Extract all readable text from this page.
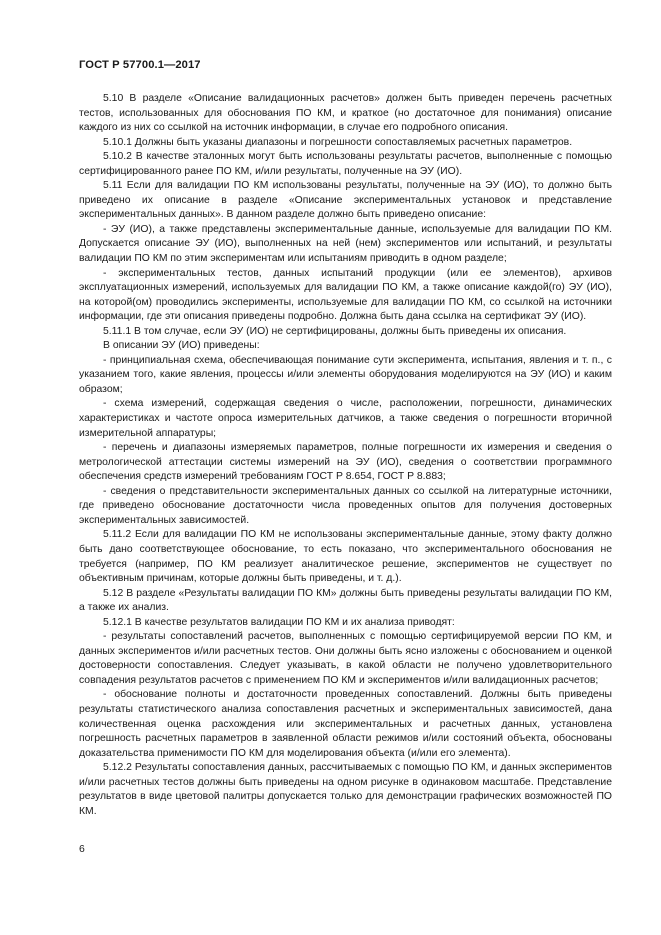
ГОСТ Р 57700.1—2017

5.10 В разделе «Описание валидационных расчетов» должен быть приведен перечень расчетных тестов, использованных для обоснования ПО КМ, и краткое (но достаточное для понимания) описание каждого из них со ссылкой на источник информации, в случае его подробного описания.

5.10.1 Должны быть указаны диапазоны и погрешности сопоставляемых расчетных параметров.

5.10.2 В качестве эталонных могут быть использованы результаты расчетов, выполненные с помощью сертифицированного ранее ПО КМ, и/или результаты, полученные на ЭУ (ИО).

5.11 Если для валидации ПО КМ использованы результаты, полученные на ЭУ (ИО), то должно быть приведено их описание в разделе «Описание экспериментальных установок и представление экспериментальных данных». В данном разделе должно быть приведено описание:

- ЭУ (ИО), а также представлены экспериментальные данные, используемые для валидации ПО КМ. Допускается описание ЭУ (ИО), выполненных на ней (нем) экспериментов или испытаний, и результаты валидации ПО КМ по этим экспериментам или испытаниям приводить в одном разделе;

- экспериментальных тестов, данных испытаний продукции (или ее элементов), архивов эксплуатационных измерений, используемых для валидации ПО КМ, а также описание каждой(го) ЭУ (ИО), на которой(ом) проводились эксперименты, используемые для валидации ПО КМ, со ссылкой на источники информации, где эти описания приведены подробно. Должна быть дана ссылка на сертификат ЭУ (ИО).

5.11.1 В том случае, если ЭУ (ИО) не сертифицированы, должны быть приведены их описания.

В описании ЭУ (ИО) приведены:

- принципиальная схема, обеспечивающая понимание сути эксперимента, испытания, явления и т. п., с указанием того, какие явления, процессы и/или элементы оборудования моделируются на ЭУ (ИО) и каким образом;

- схема измерений, содержащая сведения о числе, расположении, погрешности, динамических характеристиках и частоте опроса измерительных датчиков, а также сведения о погрешности вторичной измерительной аппаратуры;

- перечень и диапазоны измеряемых параметров, полные погрешности их измерения и сведения о метрологической аттестации системы измерений на ЭУ (ИО), сведения о соответствии программного обеспечения средств измерений требованиям ГОСТ Р 8.654, ГОСТ Р 8.883;

- сведения о представительности экспериментальных данных со ссылкой на литературные источники, где приведено обоснование достаточности числа проведенных опытов для получения достоверных экспериментальных зависимостей.

5.11.2 Если для валидации ПО КМ не использованы экспериментальные данные, этому факту должно быть дано соответствующее обоснование, то есть показано, что экспериментального обоснования не требуется (например, ПО КМ реализует аналитическое решение, экспериментов не существует по объективным причинам, которые должны быть приведены, и т. д.).

5.12 В разделе «Результаты валидации ПО КМ» должны быть приведены результаты валидации ПО КМ, а также их анализ.

5.12.1 В качестве результатов валидации ПО КМ и их анализа приводят:

- результаты сопоставлений расчетов, выполненных с помощью сертифицируемой версии ПО КМ, и данных экспериментов и/или расчетных тестов. Они должны быть ясно изложены с обоснованием и оценкой достоверности сопоставления. Следует указывать, в какой области не получено удовлетворительного совпадения результатов расчетов с применением ПО КМ и экспериментов и/или валидационных расчетов;

- обоснование полноты и достаточности проведенных сопоставлений. Должны быть приведены результаты статистического анализа сопоставления расчетных и экспериментальных зависимостей, дана количественная оценка расхождения или экспериментальных и расчетных данных, установлена погрешность расчетных параметров в заявленной области режимов и/или состояний объекта, обоснованы доказательства применимости ПО КМ для моделирования объекта (и/или его элемента).

5.12.2 Результаты сопоставления данных, рассчитываемых с помощью ПО КМ, и данных экспериментов и/или расчетных тестов должны быть приведены на одном рисунке в одинаковом масштабе. Представление результатов в виде цветовой палитры допускается только для демонстрации графических возможностей ПО КМ.

6
